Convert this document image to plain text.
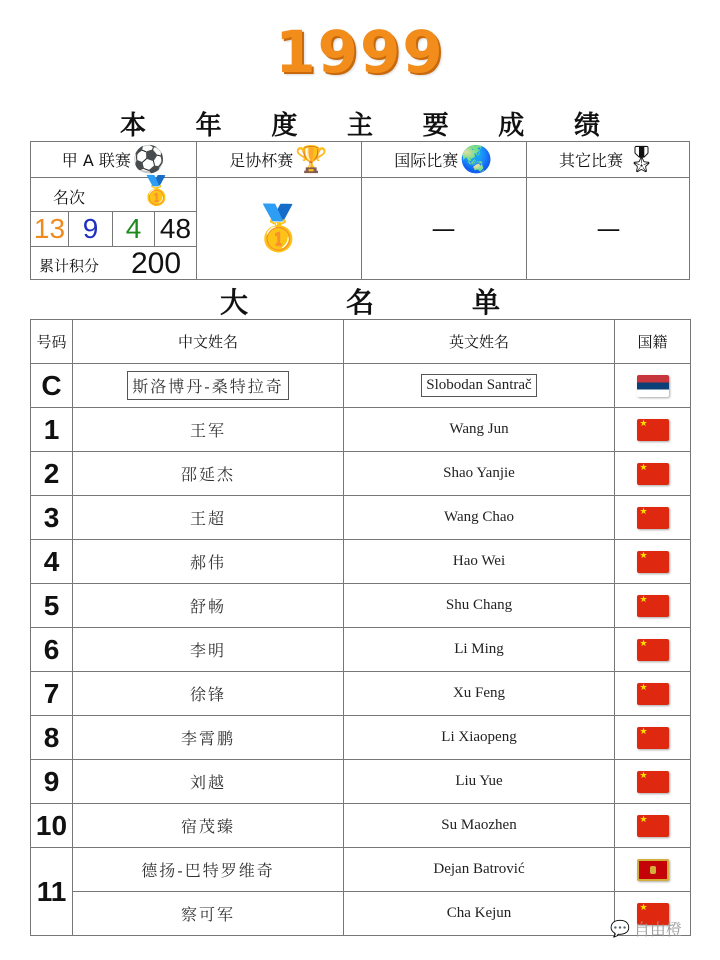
1999
本 年 度 主 要 成 绩
甲 A 联赛 ⚽	足协杯赛 🏆	国际比赛 🌏	其它比赛 🎖
名次 🥇
13 9 4 48
累计积分 200
🥇	—	—
大	名	单
号码	中文姓名	英文姓名	国籍
C	斯洛博丹-桑特拉奇	Slobodan Santrač	
1	王军	Wang Jun	★
2	邵延杰	Shao Yanjie	★
3	王超	Wang Chao	★
4	郝伟	Hao Wei	★
5	舒畅	Shu Chang	★
6	李明	Li Ming	★
7	徐锋	Xu Feng	★
8	李霄鹏	Li Xiaopeng	★
9	刘越	Liu Yue	★
10	宿茂臻	Su Maozhen	★
11	德扬-巴特罗维奇	Dejan Batrović	
	察可军	Cha Kejun	★
💬 自由橙
